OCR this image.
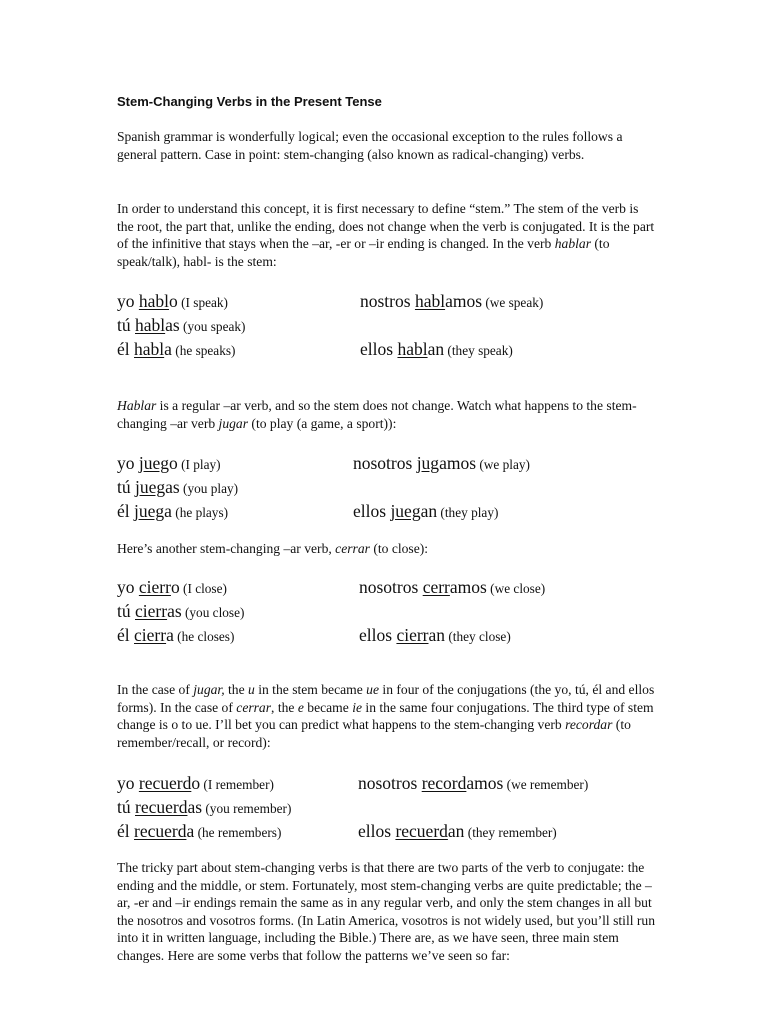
Stem-Changing Verbs in the Present Tense

Spanish grammar is wonderfully logical; even the occasional exception to the rules follows a general pattern. Case in point: stem-changing (also known as radical-changing) verbs.

In order to understand this concept, it is first necessary to define “stem.” The stem of the verb is the root, the part that, unlike the ending, does not change when the verb is conjugated. It is the part of the infinitive that stays when the –ar, -er or –ir ending is changed. In the verb hablar (to speak/talk), habl- is the stem:

yo hablo (I speak)	nostros hablamos (we speak)
tú hablas (you speak)
él habla (he speaks)	ellos hablan (they speak)

Hablar is a regular –ar verb, and so the stem does not change. Watch what happens to the stem-changing –ar verb jugar (to play (a game, a sport)):

yo juego (I play)	nosotros jugamos (we play)
tú juegas (you play)
él juega (he plays)	ellos juegan (they play)

Here’s another stem-changing –ar verb, cerrar (to close):

yo cierro (I close)	nosotros cerramos (we close)
tú cierras (you close)
él cierra (he closes)	ellos cierran (they close)

In the case of jugar, the u in the stem became ue in four of the conjugations (the yo, tú, él and ellos forms). In the case of cerrar, the e became ie in the same four conjugations. The third type of stem change is o to ue. I’ll bet you can predict what happens to the stem-changing verb recordar (to remember/recall, or record):

yo recuerdo (I remember)	nosotros recordamos (we remember)
tú recuerdas (you remember)
él recuerda (he remembers)	ellos recuerdan (they remember)

The tricky part about stem-changing verbs is that there are two parts of the verb to conjugate: the ending and the middle, or stem. Fortunately, most stem-changing verbs are quite predictable; the –ar, -er and –ir endings remain the same as in any regular verb, and only the stem changes in all but the nosotros and vosotros forms. (In Latin America, vosotros is not widely used, but you’ll still run into it in written language, including the Bible.) There are, as we have seen, three main stem changes. Here are some verbs that follow the patterns we’ve seen so far:
